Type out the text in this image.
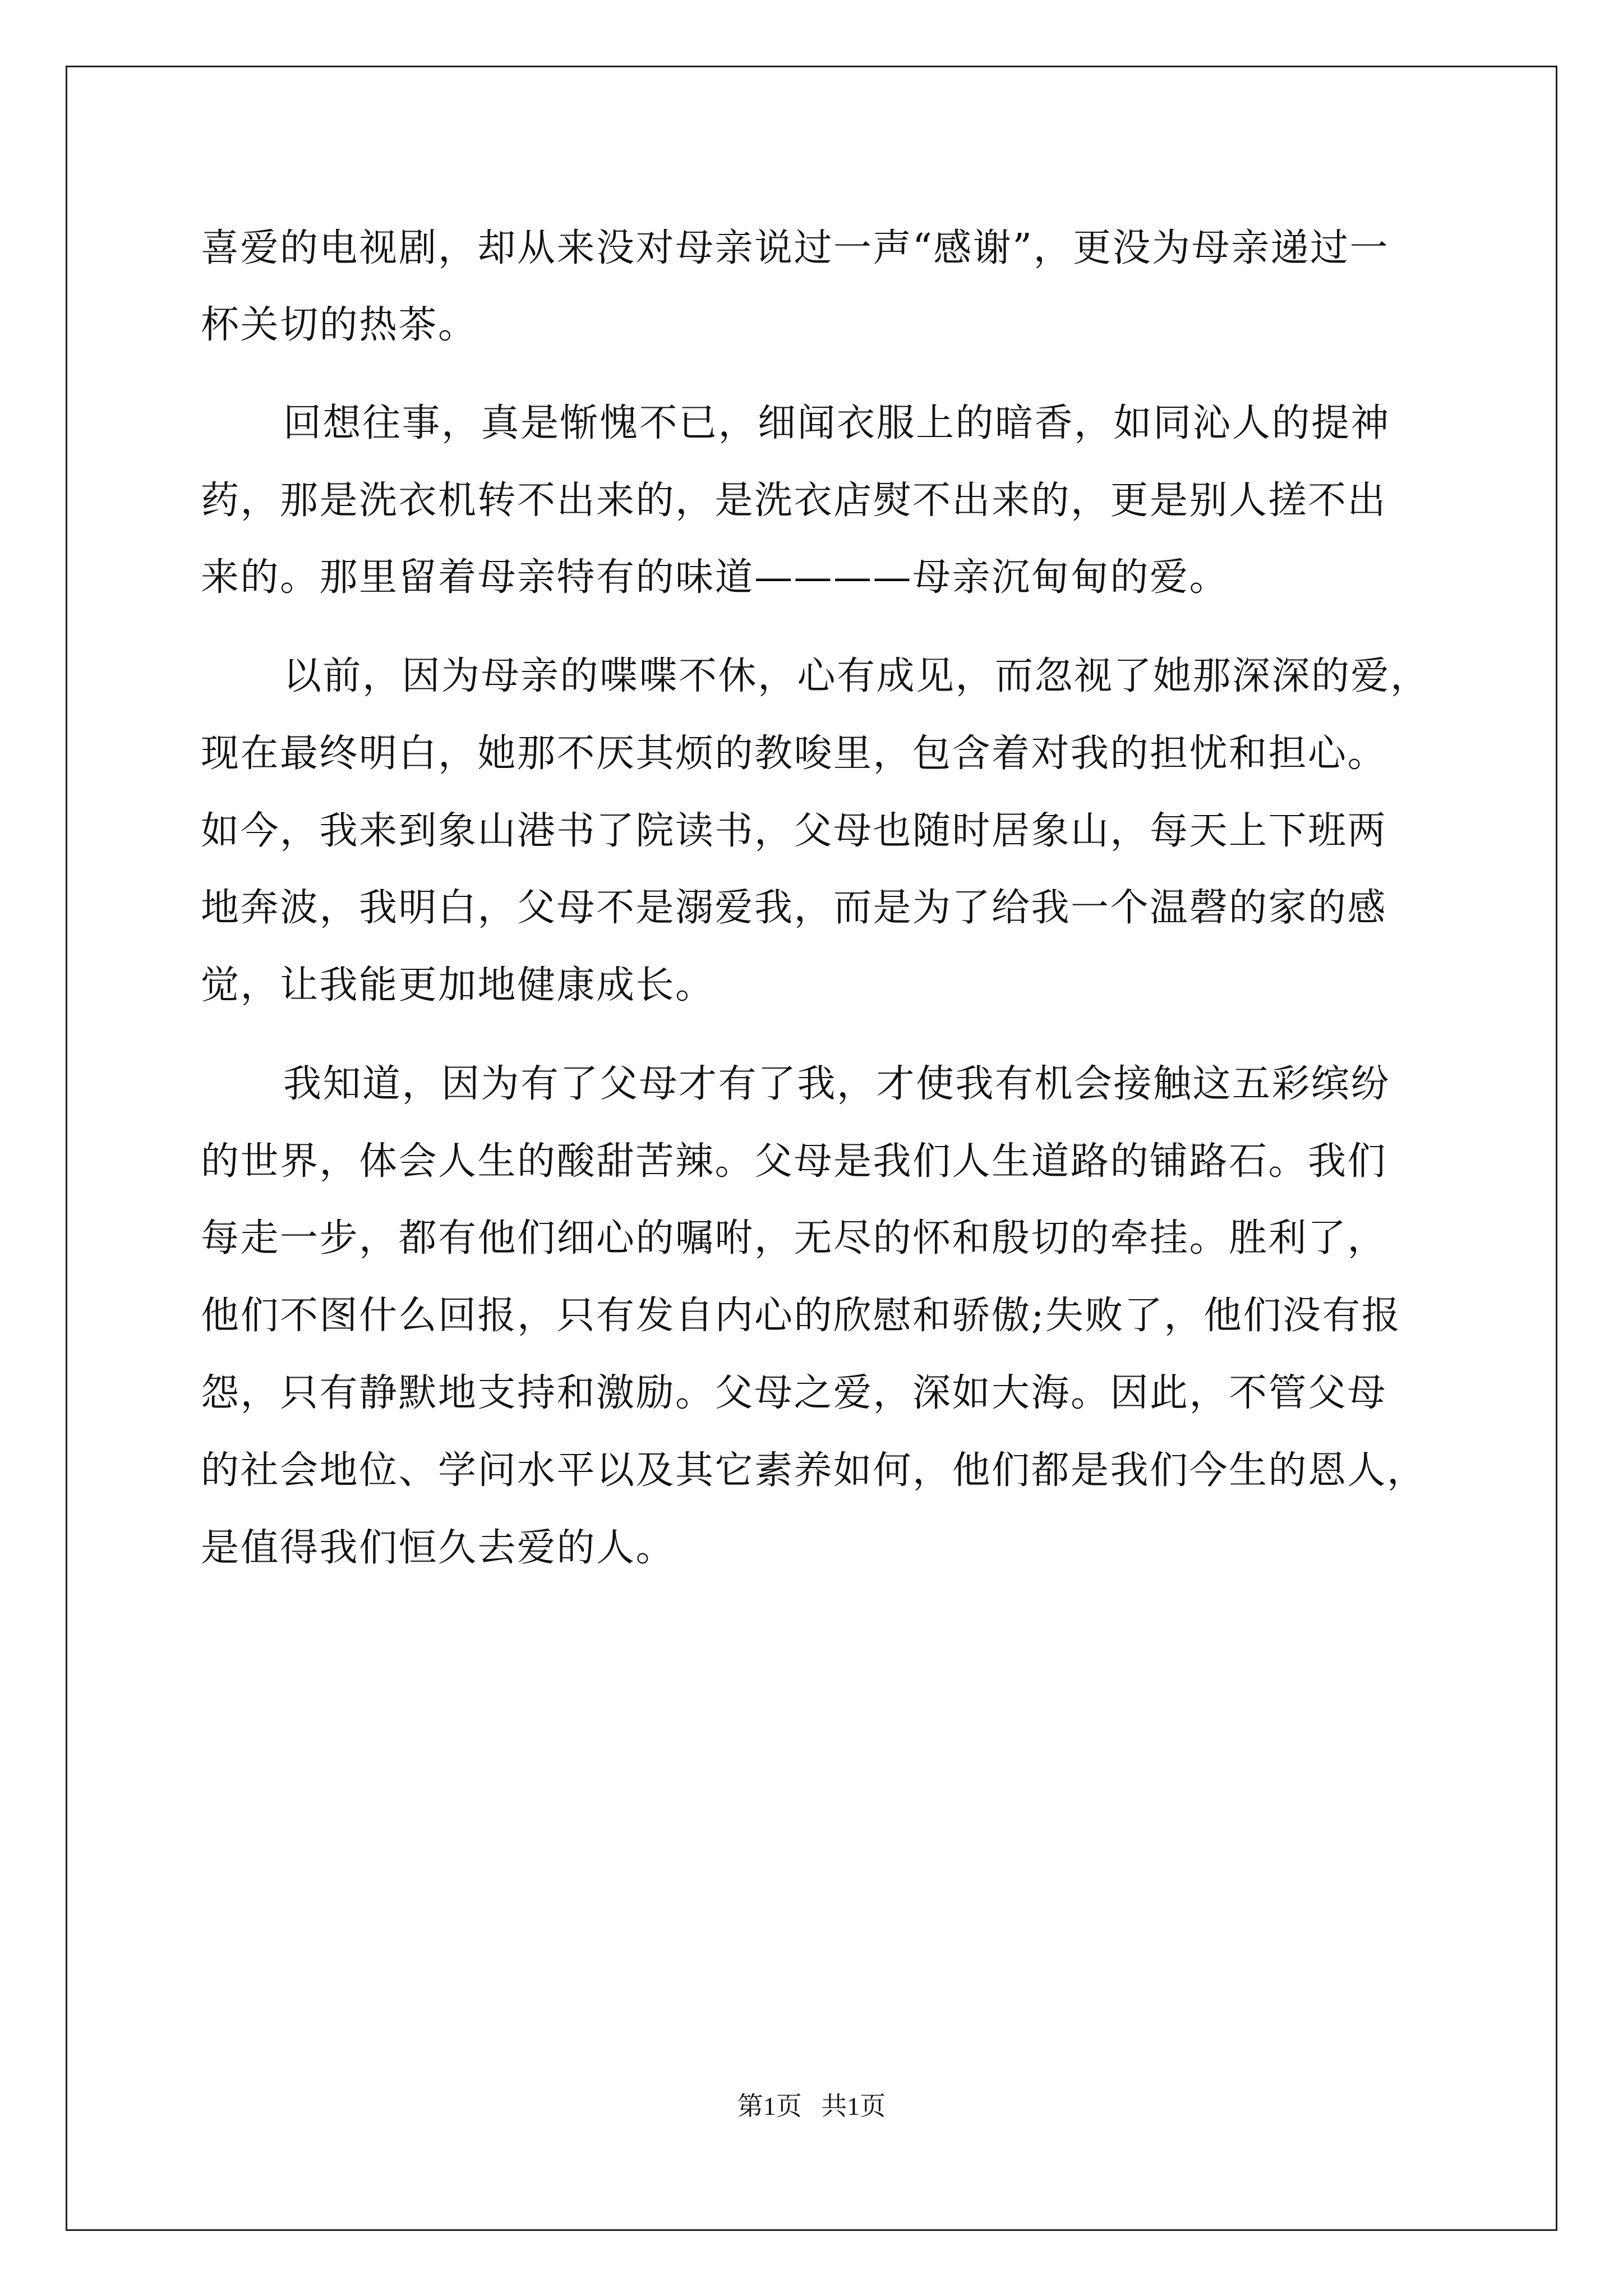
喜爱的电视剧，却从来没对母亲说过一声“感谢”，更没为母亲递过一
杯关切的热茶。
回想往事，真是惭愧不已，细闻衣服上的暗香，如同沁人的提神
药，那是洗衣机转不出来的，是洗衣店熨不出来的，更是别人搓不出
来的。那里留着母亲特有的味道————母亲沉甸甸的爱。
以前，因为母亲的喋喋不休，心有成见，而忽视了她那深深的爱，
现在最终明白，她那不厌其烦的教唆里，包含着对我的担忧和担心。
如今，我来到象山港书了院读书，父母也随时居象山，每天上下班两
地奔波，我明白，父母不是溺爱我，而是为了给我一个温磬的家的感
觉，让我能更加地健康成长。
我知道，因为有了父母才有了我，才使我有机会接触这五彩缤纷
的世界，体会人生的酸甜苦辣。父母是我们人生道路的铺路石。我们
每走一步，都有他们细心的嘱咐，无尽的怀和殷切的牵挂。胜利了，
他们不图什么回报，只有发自内心的欣慰和骄傲;失败了，他们没有报
怨，只有静默地支持和激励。父母之爱，深如大海。因此，不管父母
的社会地位、学问水平以及其它素养如何，他们都是我们今生的恩人，
是值得我们恒久去爱的人。
第1页   共1页
